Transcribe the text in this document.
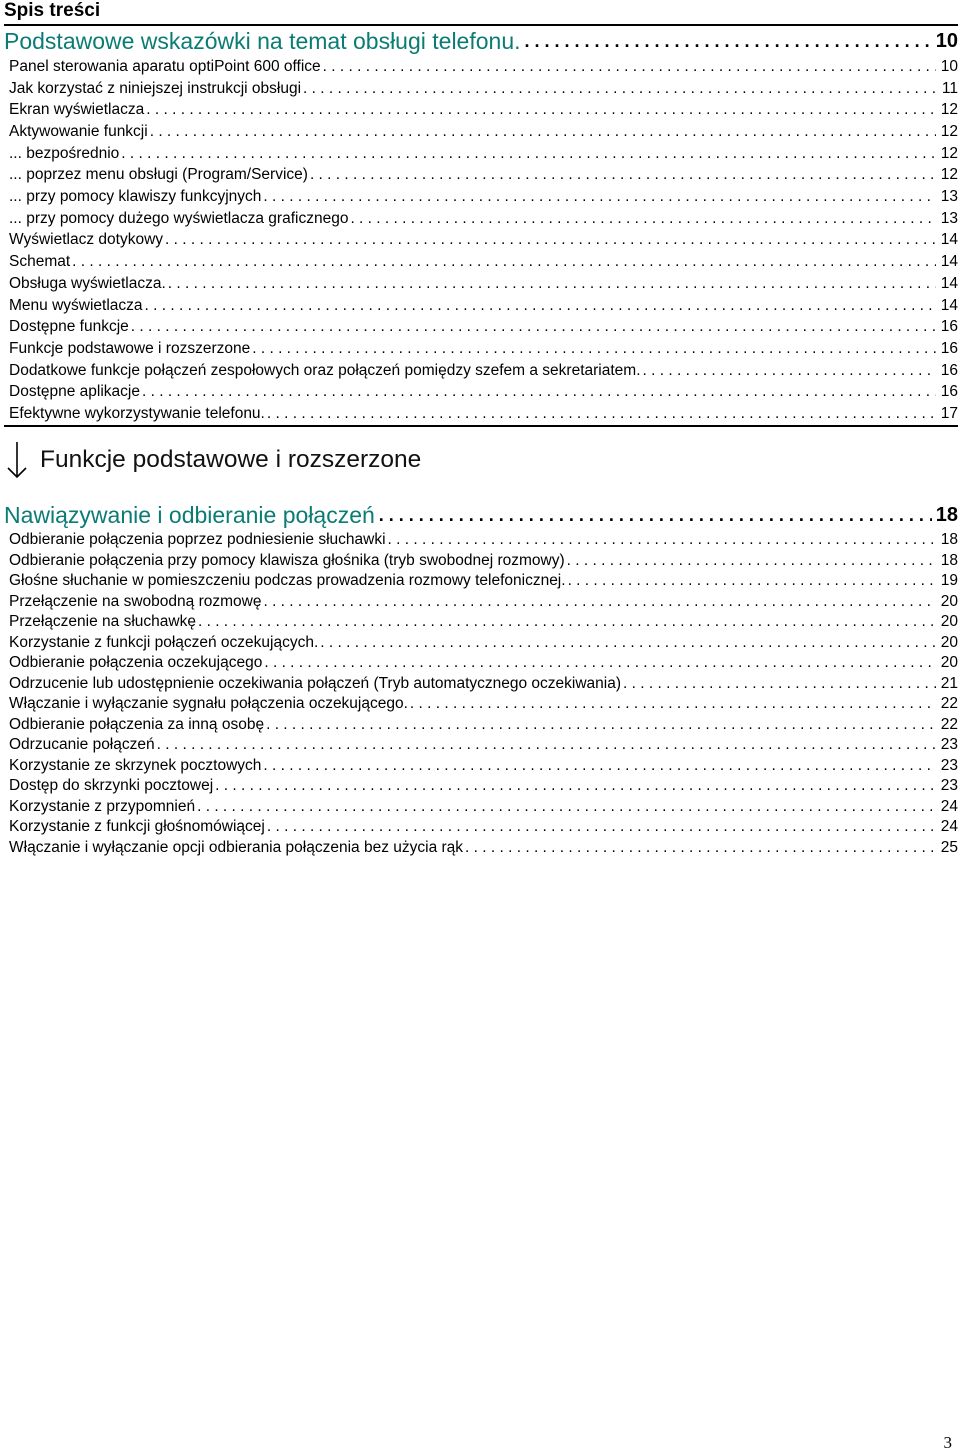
Spis treści
Podstawowe wskazówki na temat obsługi telefonu. . . .	10
Panel sterowania aparatu optiPoint 600 office . . .	10
Jak korzystać z niniejszej instrukcji obsługi . . .	11
Ekran wyświetlacza . . .	12
Aktywowanie funkcji . . .	12
... bezpośrednio . . .	12
... poprzez menu obsługi (Program/Service) . . .	12
... przy pomocy klawiszy funkcyjnych . . .	13
... przy pomocy dużego wyświetlacza graficznego . . .	13
Wyświetlacz dotykowy . . .	14
Schemat . . .	14
Obsługa wyświetlacza. . . .	14
Menu wyświetlacza . . .	14
Dostępne funkcje . . .	16
Funkcje podstawowe i rozszerzone . . .	16
Dodatkowe funkcje połączeń zespołowych oraz połączeń pomiędzy szefem a sekretariatem. . . .	16
Dostępne aplikacje . . .	16
Efektywne wykorzystywanie telefonu. . . .	17
Funkcje podstawowe i rozszerzone
Nawiązywanie i odbieranie połączeń . . .	18
Odbieranie połączenia poprzez podniesienie słuchawki . . .	18
Odbieranie połączenia przy pomocy klawisza głośnika (tryb swobodnej rozmowy) . . .	18
Głośne słuchanie w pomieszczeniu podczas prowadzenia rozmowy telefonicznej. . . .	19
Przełączenie na swobodną rozmowę . . .	20
Przełączenie na słuchawkę . . .	20
Korzystanie z funkcji połączeń oczekujących. . . .	20
Odbieranie połączenia oczekującego . . .	20
Odrzucenie lub udostępnienie oczekiwania połączeń (Tryb automatycznego oczekiwania) . . .	21
Włączanie i wyłączanie sygnału połączenia oczekującego. . . .	22
Odbieranie połączenia za inną osobę . . .	22
Odrzucanie połączeń . . .	23
Korzystanie ze skrzynek pocztowych . . .	23
Dostęp do skrzynki pocztowej . . .	23
Korzystanie z przypomnień . . .	24
Korzystanie z funkcji głośnomówiącej . . .	24
Włączanie i wyłączanie opcji odbierania połączenia bez użycia rąk . . .	25
3
